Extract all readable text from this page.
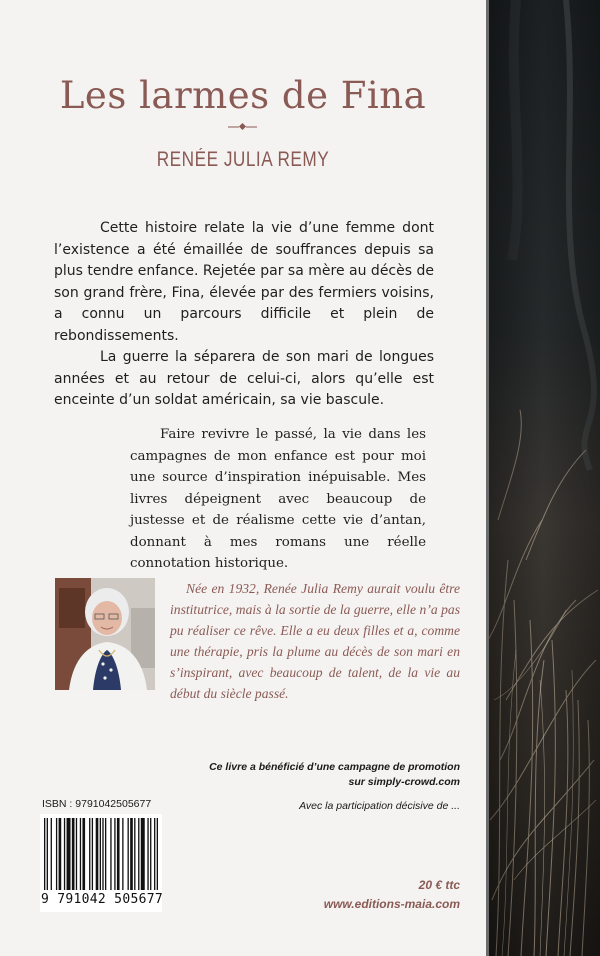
Les larmes de Fina
RENÉE JULIA REMY

Cette histoire relate la vie d’une femme dont l’existence a été émaillée de souffrances depuis sa plus tendre enfance. Rejetée par sa mère au décès de son grand frère, Fina, élevée par des fermiers voisins, a connu un parcours difficile et plein de rebondissements.

La guerre la séparera de son mari de longues années et au retour de celui-ci, alors qu’elle est enceinte d’un soldat américain, sa vie bascule.

Faire revivre le passé, la vie dans les campagnes de mon enfance est pour moi une source d’inspiration inépuisable. Mes livres dépeignent avec beaucoup de justesse et de réalisme cette vie d’antan, donnant à mes romans une réelle connotation historique.
Née en 1932, Renée Julia Remy aurait voulu être institutrice, mais à la sortie de la guerre, elle n’a pas pu réaliser ce rêve. Elle a eu deux filles et a, comme une thérapie, pris la plume au décès de son mari en s’inspirant, avec beaucoup de talent, de la vie au début du siècle passé.
Ce livre a bénéficié d’une campagne de promotion
sur simply-crowd.com
Avec la participation décisive de ...
ISBN : 9791042505677
9 791042 505677
20 € ttc
www.editions-maia.com
